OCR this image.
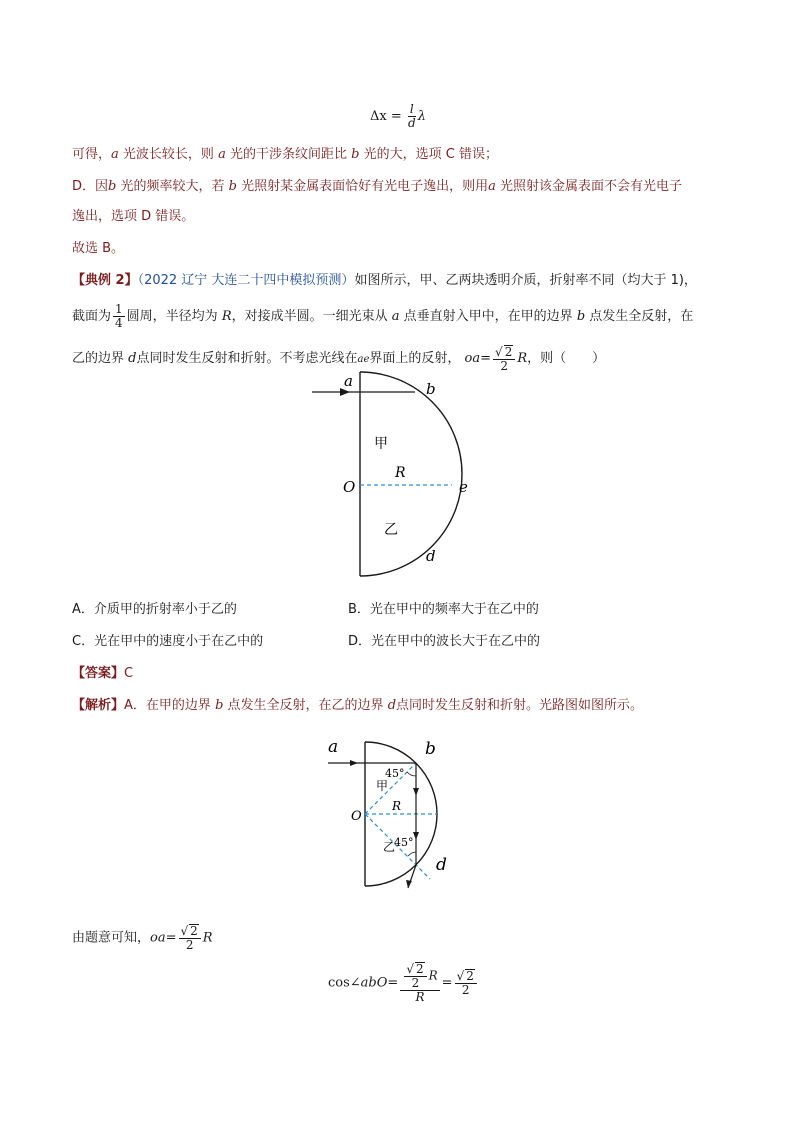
$\Delta x = \frac{l}{d}$ λ
可得，a 光波长较长，则 a 光的干涉条纹间距比 b 光的大，选项 C 错误；
D．因b 光的频率较大，若 b 光照射某金属表面恰好有光电子逸出，则用a 光照射该金属表面不会有光电子
逸出，选项 D 错误。
故选 B。
【典例 2】（2022 辽宁 大连二十四中模拟预测）如图所示，甲、乙两块透明介质，折射率不同（均大于 1)，
截面为 $\frac{1}{4}$ 圆周，半径均为 R，对接成半圆。一细光束从 a 点垂直射入甲中，在甲的边界 b 点发生全反射，在
乙的边界 d点同时发生反射和折射。不考虑光线在ae界面上的反射， $oa= \frac{√ 2}{2}$ R，则（　　）
a	b
甲
R
O	e
乙
d
A．介质甲的折射率小于乙的	B．光在甲中的频率大于在乙中的
C．光在甲中的速度小于在乙中的	D．光在甲中的波长大于在乙中的
【答案】C
【解析】A．在甲的边界 b 点发生全反射，在乙的边界 d点同时发生反射和折射。光路图如图所示。
a	b
45°
甲
R
O
乙
45°
d
由题意可知，$oa= \frac{√ 2}{2}$ R
cos∠abO= $\frac{\frac{√ 2}{2} R}{R} = \frac{√ 2}{2}$
